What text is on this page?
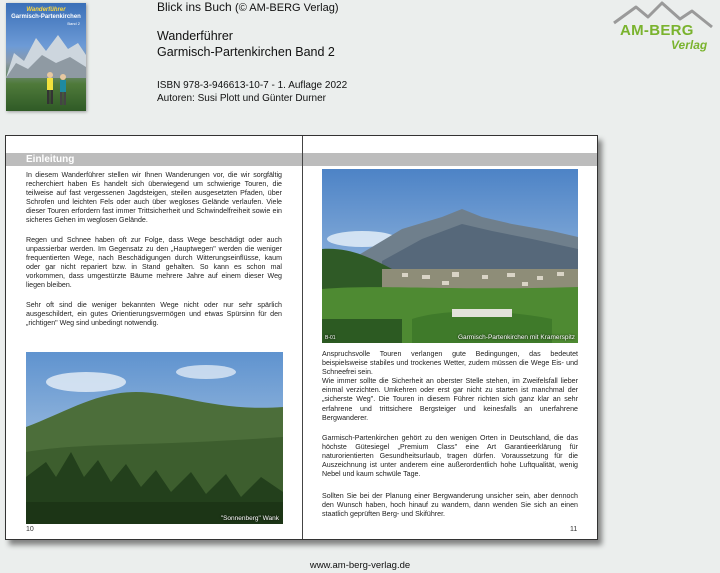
Wanderführer
Garmisch-Partenkirchen
Band 2
Blick ins Buch (© AM-BERG Verlag)
Wanderführer
Garmisch-Partenkirchen Band 2
ISBN 978-3-946613-10-7 - 1. Auflage 2022
Autoren: Susi Plott und Günter Durner
AM-BERG
Verlag
Einleitung

In diesem Wanderführer stellen wir Ihnen Wanderungen vor, die wir sorgfältig recherchiert haben Es handelt sich überwiegend um schwierige Touren, die teilweise auf fast vergessenen Jagdsteigen, steilen ausgesetzten Pfaden, über Schrofen und leichten Fels oder auch über wegloses Gelände verlaufen. Viele dieser Touren erfordern fast immer Trittsicherheit und Schwindelfreiheit sowie ein sicheres Gehen im weglosen Gelände.

Regen und Schnee haben oft zur Folge, dass Wege beschädigt oder auch unpassierbar werden. Im Gegensatz zu den „Hauptwegen" werden die weniger frequentierten Wege, nach Beschädigungen durch Witterungseinflüsse, kaum oder gar nicht repariert bzw. in Stand gehalten. So kann es schon mal vorkommen, dass umgestürzte Bäume mehrere Jahre auf einem dieser Weg liegen bleiben.

Sehr oft sind die weniger bekannten Wege nicht oder nur sehr spärlich ausgeschildert, ein gutes Orientierungsvermögen und etwas Spürsinn für den „richtigen" Weg sind unbedingt notwendig.

"Sonnenberg" Wank
10
B-01	Garmisch-Partenkirchen mit Kramerspitz

Anspruchsvolle Touren verlangen gute Bedingungen, das bedeutet beispielsweise stabiles und trockenes Wetter, zudem müssen die Wege Eis- und Schneefrei sein.
Wie immer sollte die Sicherheit an oberster Stelle stehen, im Zweifelsfall lieber einmal verzichten. Umkehren oder erst gar nicht zu starten ist manchmal der „sicherste Weg". Die Touren in diesem Führer richten sich ganz klar an sehr erfahrene und trittsichere Bergsteiger und keinesfalls an unerfahrene Bergwanderer.

Garmisch-Partenkirchen gehört zu den wenigen Orten in Deutschland, die das höchste Gütesiegel „Premium Class" eine Art Garantieerklärung für naturorientierten Gesundheitsurlaub, tragen dürfen. Voraussetzung für die Auszeichnung ist unter anderem eine außerordentlich hohe Luftqualität, wenig Nebel und kaum schwüle Tage.

Sollten Sie bei der Planung einer Bergwanderung unsicher sein, aber dennoch den Wunsch haben, hoch hinauf zu wandern, dann wenden Sie sich an einen staatlich geprüften Berg- und Skiführer.

11
www.am-berg-verlag.de
